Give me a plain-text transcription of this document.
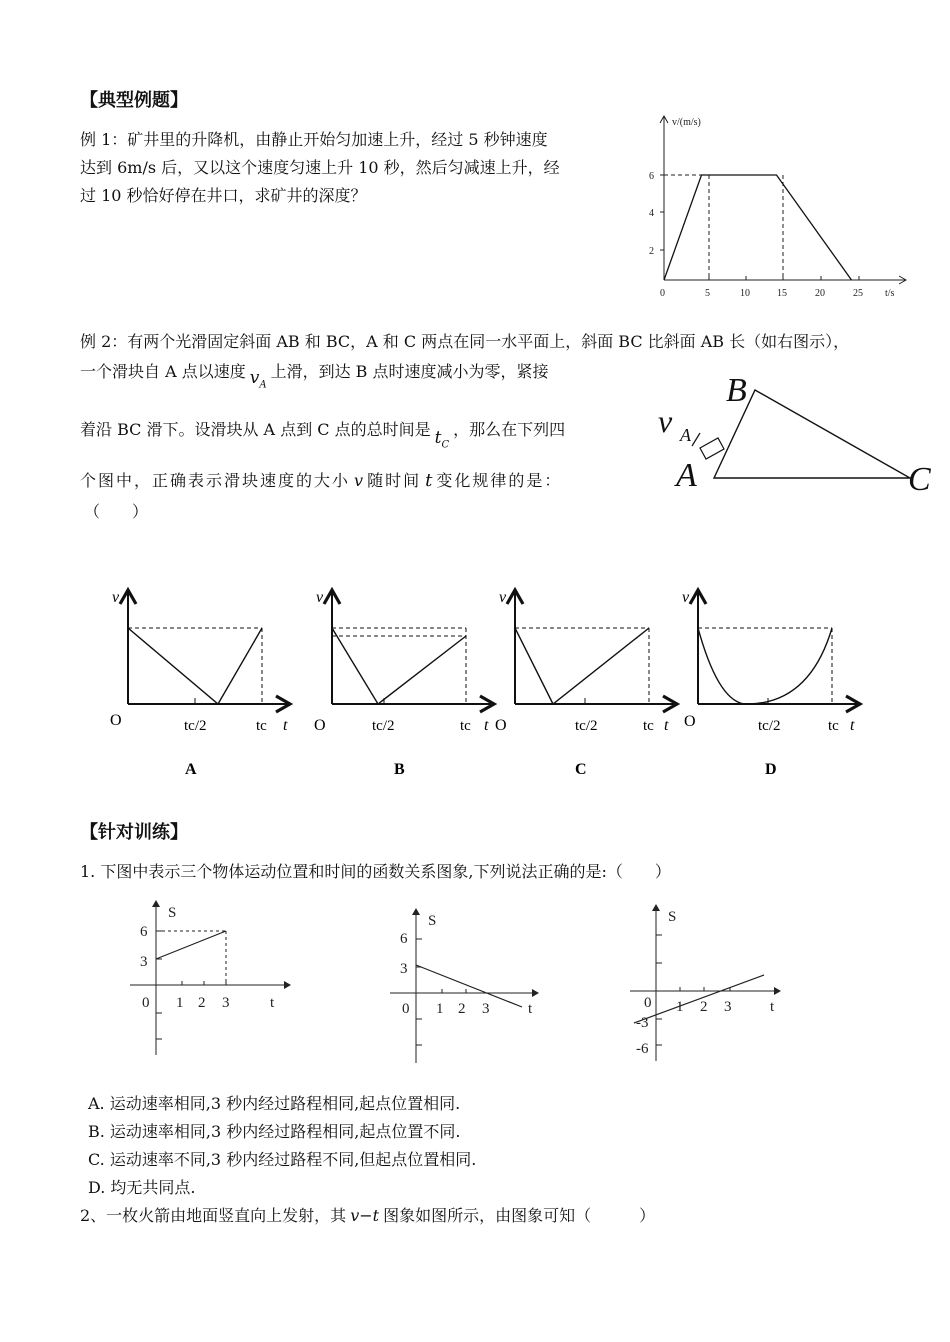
【典型例题】
例 1：矿井里的升降机，由静止开始匀加速上升，经过 5 秒钟速度
达到 6m/s 后，又以这个速度匀速上升 10 秒，然后匀减速上升，经
过 10 秒恰好停在井口，求矿井的深度？
v/(m/s)
t/s
2
4
6
0	5	10	15	20	25
例 2：有两个光滑固定斜面 AB 和 BC，A 和 C 两点在同一水平面上，斜面 BC 比斜面 AB 长（如右图示），
一个滑块自 A 点以速度 $v_A$上滑，到达 B 点时速度减小为零，紧接
着沿 BC 滑下。设滑块从 A 点到 C 点的总时间是 $t_C$，那么在下列四
个图中，正确表示滑块速度的大小 v 随时间 t 变化规律的是：
（　　）
B
A	C
v A
v
O	tc/2	tc t
A
v
O	tc/2	tc t
B
v
O	tc/2	tc t
C
v
O	tc/2	tc t
D
【针对训练】
1. 下图中表示三个物体运动位置和时间的函数关系图象,下列说法正确的是:（　　）
S
6
3
0 1 2 3	t
S
6
3
0 1 2 3	t
S
0
-3
-6
1 2 3	t
A. 运动速率相同,3 秒内经过路程相同,起点位置相同.
B. 运动速率相同,3 秒内经过路程相同,起点位置不同.
C. 运动速率不同,3 秒内经过路程不同,但起点位置相同.
D. 均无共同点.
2、一枚火箭由地面竖直向上发射，其 v−t 图象如图所示，由图象可知（　　　）
